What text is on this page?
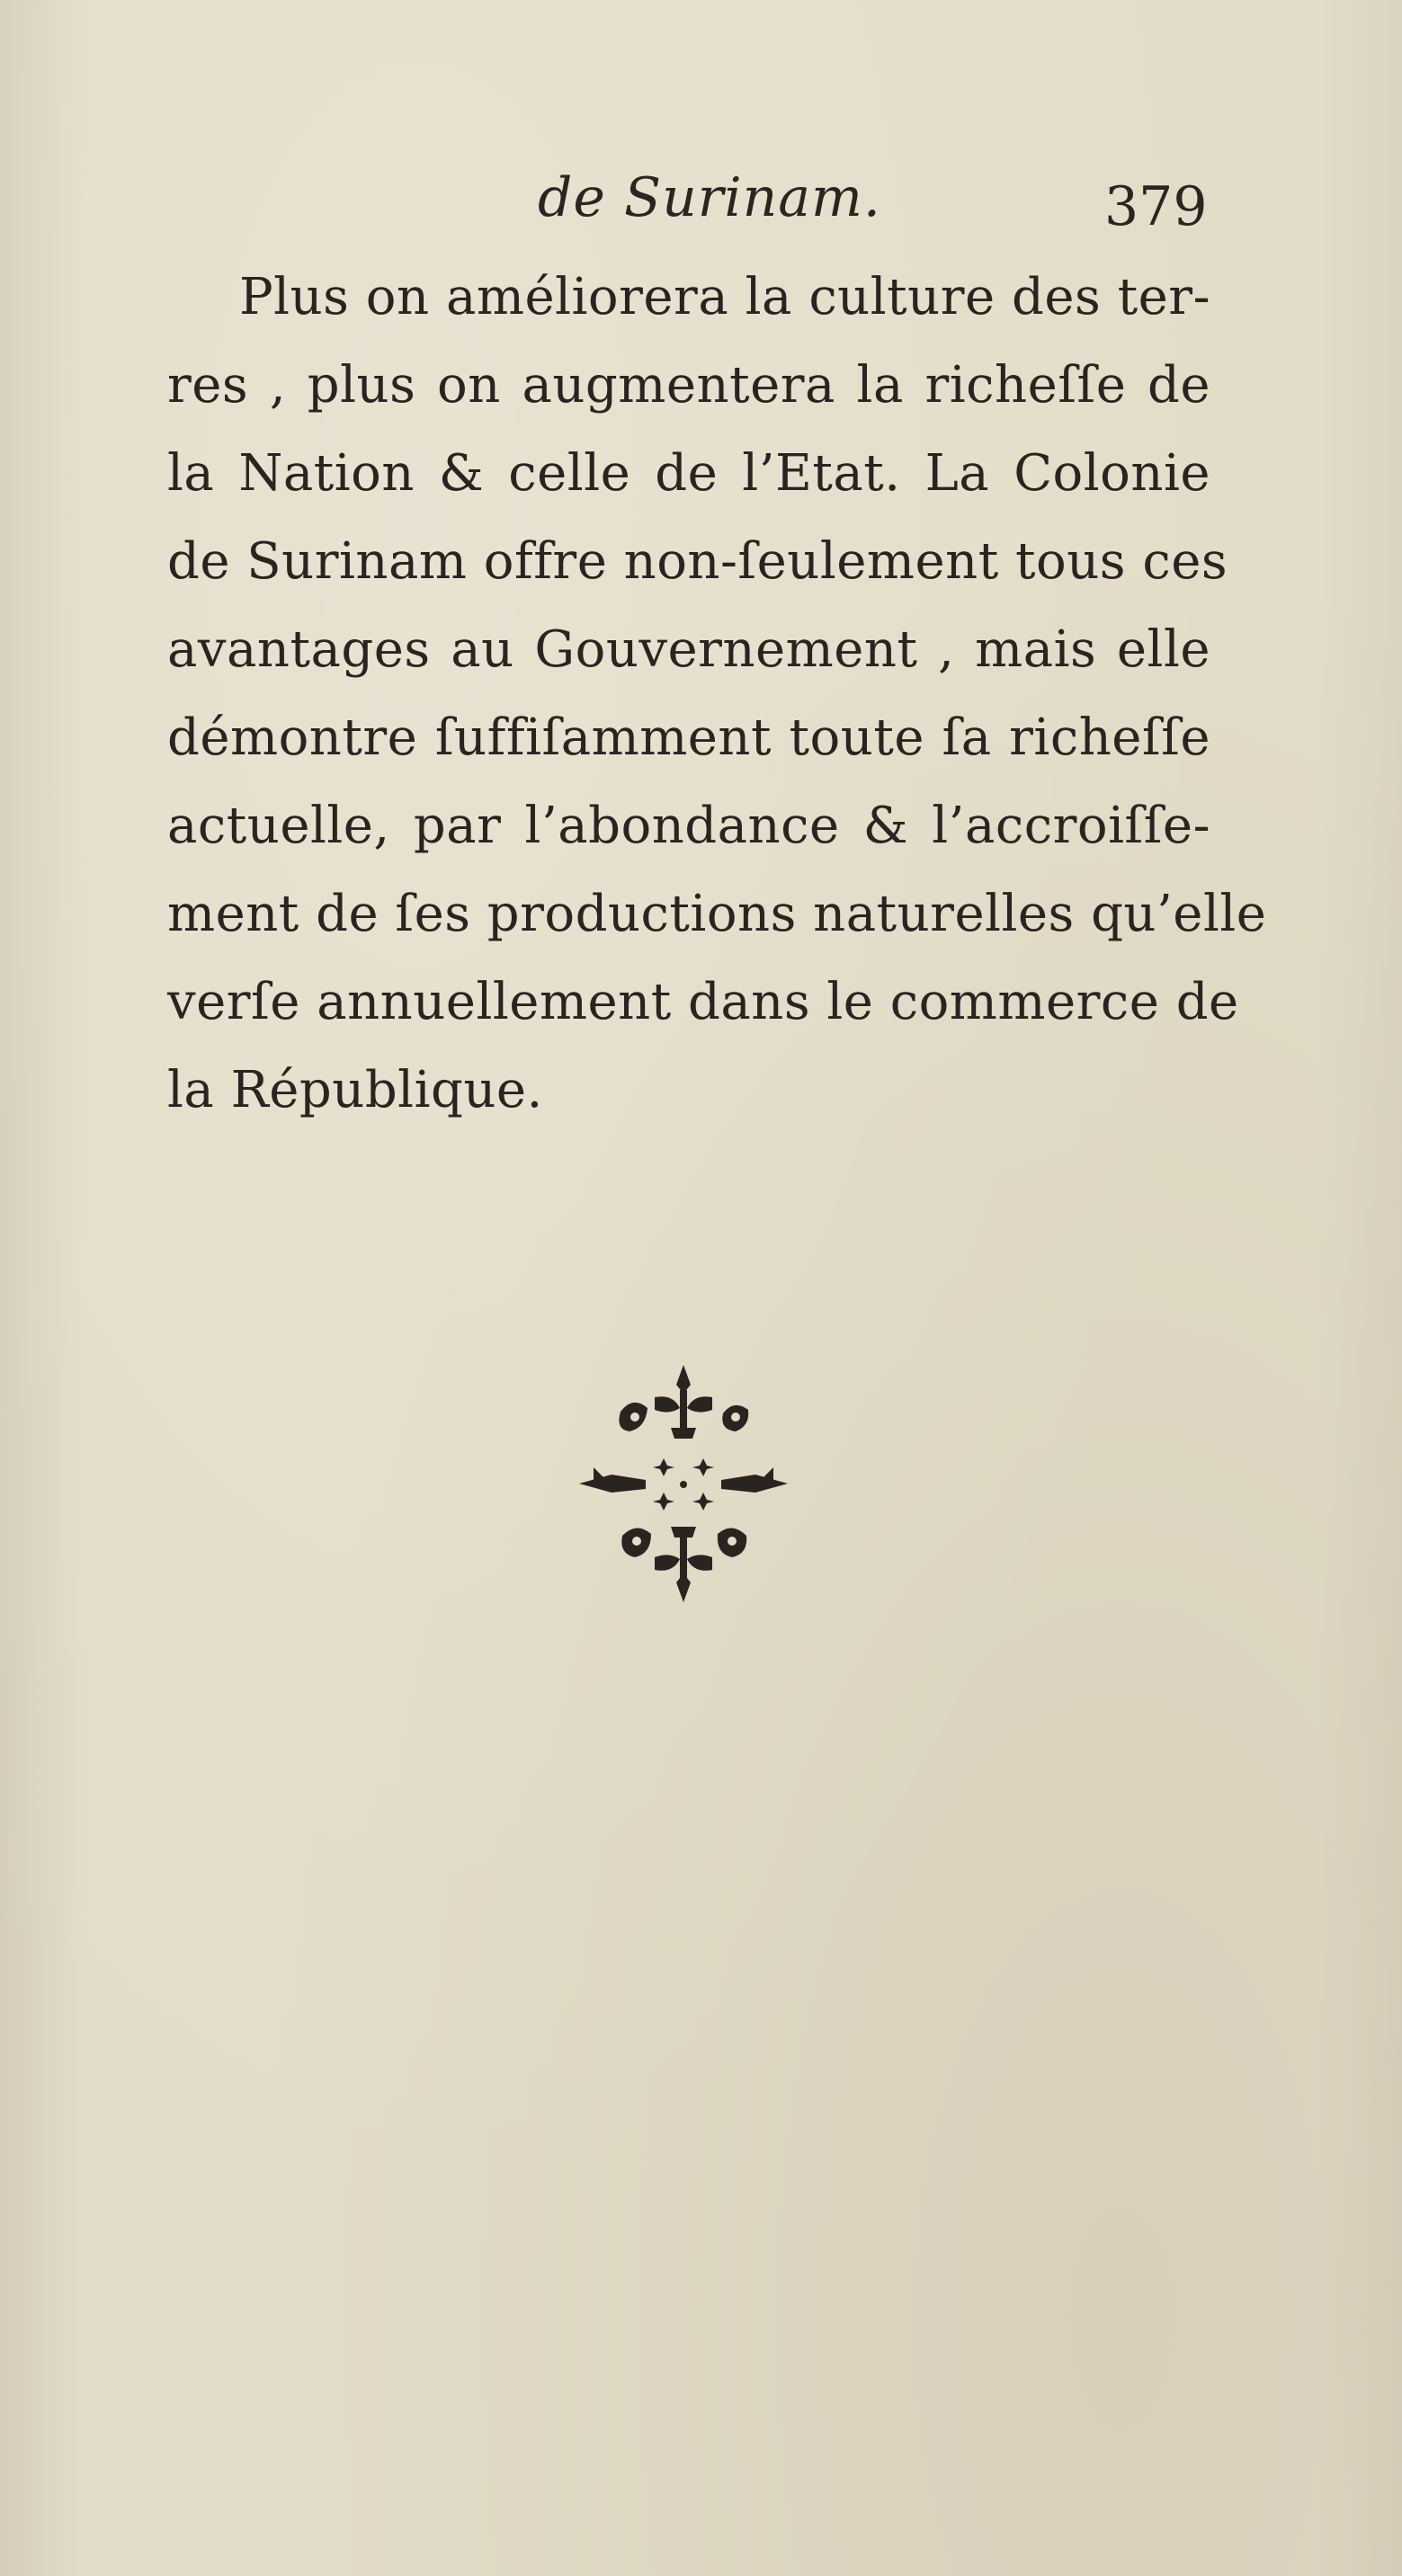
de Surinam.	379
Plus on améliorera la culture des ter-
res , plus on augmentera la richeſſe de
la Nation & celle de l’Etat. La Colonie
de Surinam offre non-ſeulement tous ces
avantages au Gouvernement , mais elle
démontre ſuffiſamment toute ſa richeſſe
actuelle, par l’abondance & l’accroiſſe-
ment de ſes productions naturelles qu’elle
verſe annuellement dans le commerce de
la République.
